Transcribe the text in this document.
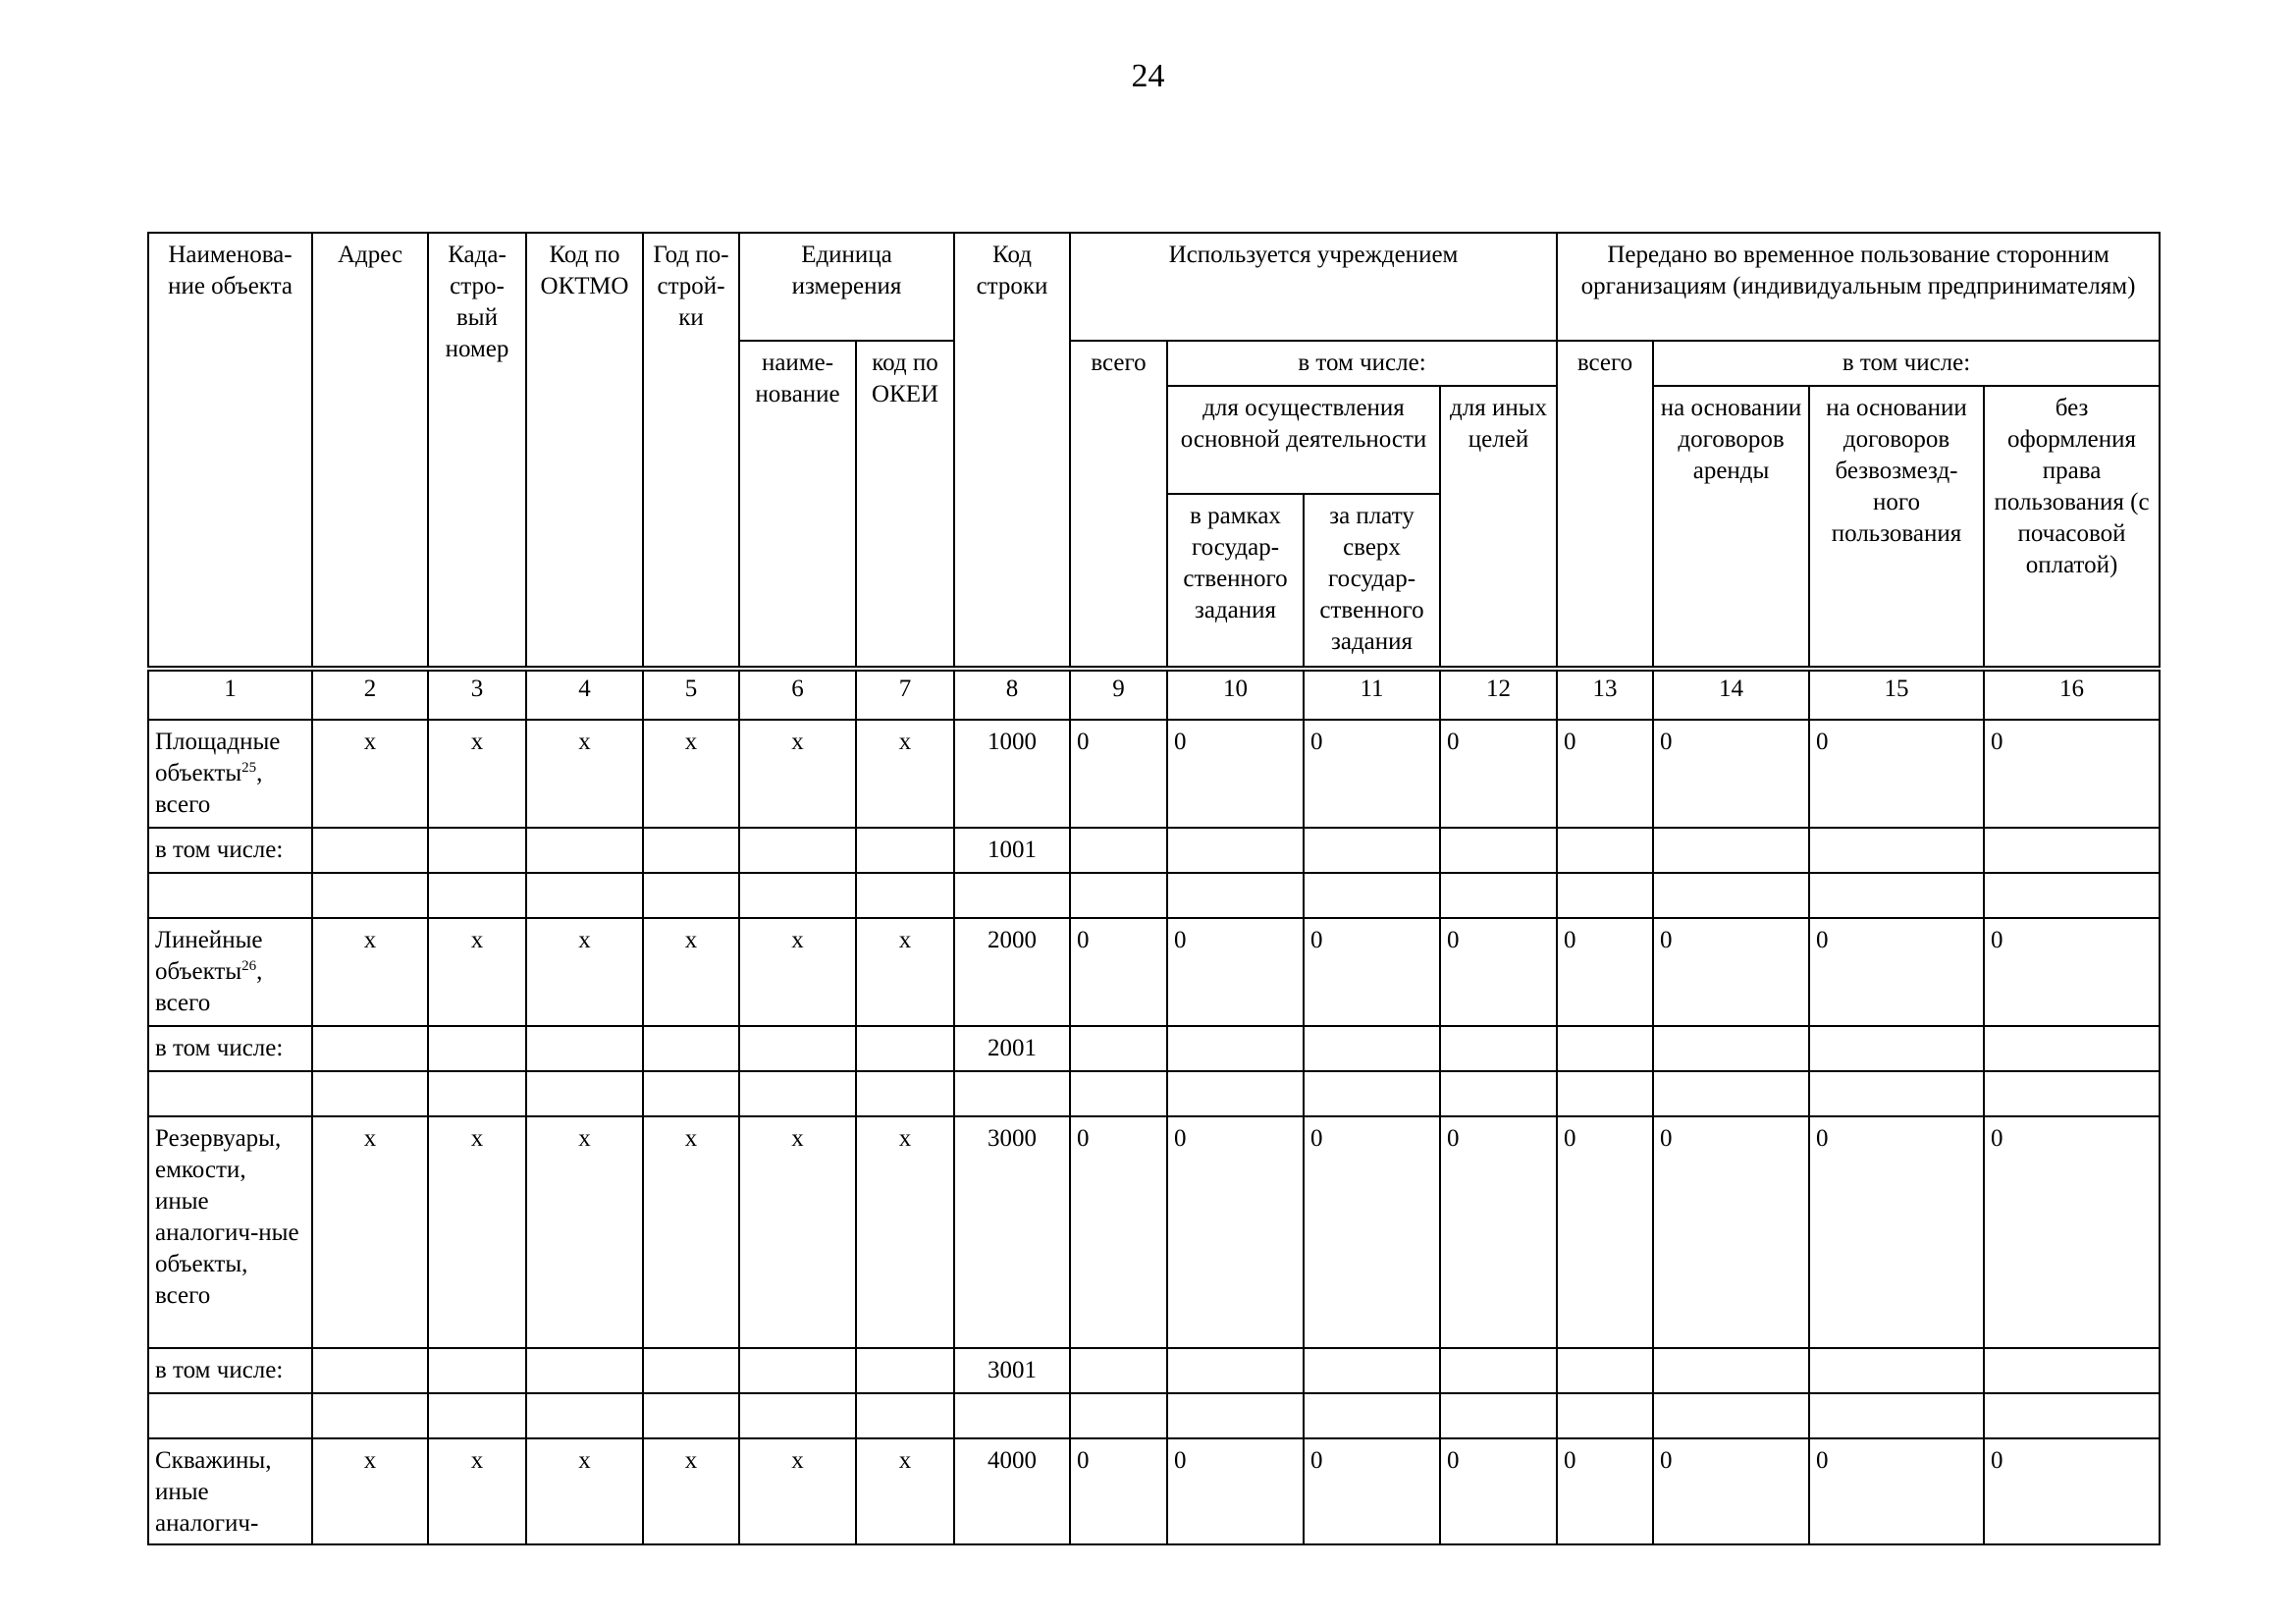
24
Наименова-ние объекта	Адрес	Када-стро-вый номер	Код по ОКТМО	Год по-строй-ки	Единица измерения		Код строки	Используется учреждением				Передано во временное пользование сторонним организациям (индивидуальным предпринимателям)			
					наиме-нование	код по ОКЕИ		всего	в том числе:			всего	в том числе:		
									для осуществления основной деятельности		для иных целей		на основании договоров аренды	на основании договоров безвозмезд-ного пользования	без оформления права пользования (с почасовой оплатой)
									в рамках государ-ственного задания	за плату сверх государ-ственного задания					
1	2	3	4	5	6	7	8	9	10	11	12	13	14	15	16
Площадные объекты$^{25}$, всего	x	x	x	x	x	x	1000	0	0	0	0	0	0	0	0
в том числе:							1001								

Линейные объекты$^{26}$, всего	x	x	x	x	x	x	2000	0	0	0	0	0	0	0	0
в том числе:							2001								

Резервуары, емкости, иные аналогич-ные объекты, всего	x	x	x	x	x	x	3000	0	0	0	0	0	0	0	0
в том числе:							3001								

Скважины, иные аналогич-	x	x	x	x	x	x	4000	0	0	0	0	0	0	0	0
